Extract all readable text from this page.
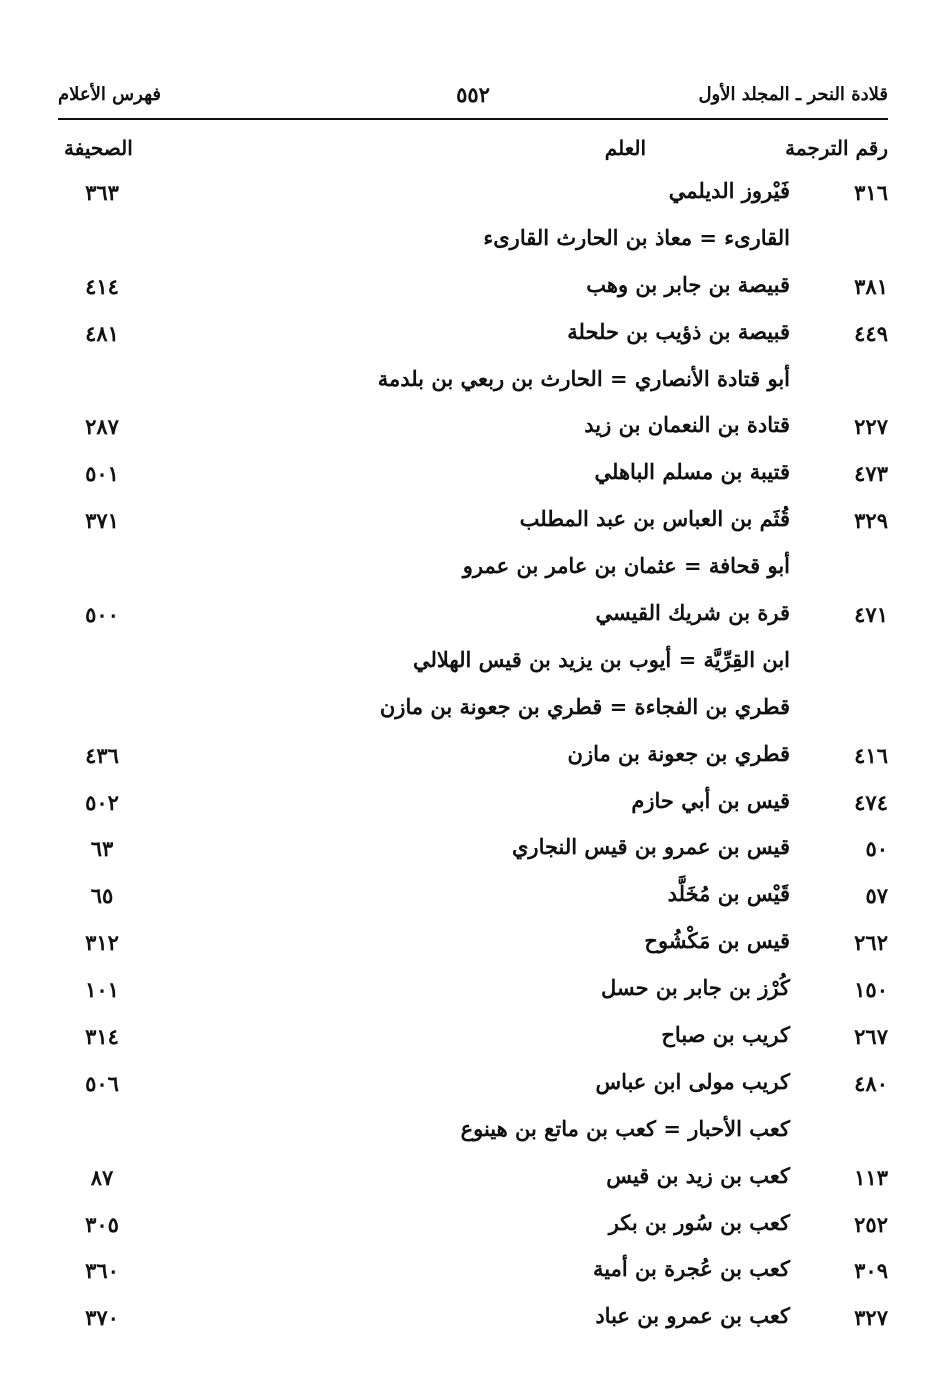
قلادة النحر ـ المجلد الأول
٥٥٢
فهرس الأعلام
رقم الترجمة
العلم
الصحيفة
٣١٦
فَيْروز الديلمي
٣٦٣
القارىء = معاذ بن الحارث القارىء
٣٨١
قبيصة بن جابر بن وهب
٤١٤
٤٤٩
قبيصة بن ذؤيب بن حلحلة
٤٨١
أبو قتادة الأنصاري = الحارث بن ربعي بن بلدمة
٢٢٧
قتادة بن النعمان بن زيد
٢٨٧
٤٧٣
قتيبة بن مسلم الباهلي
٥٠١
٣٢٩
قُثَم بن العباس بن عبد المطلب
٣٧١
أبو قحافة = عثمان بن عامر بن عمرو
٤٧١
قرة بن شريك القيسي
٥٠٠
ابن القِرِّيَّة = أيوب بن يزيد بن قيس الهلالي
قطري بن الفجاءة = قطري بن جعونة بن مازن
٤١٦
قطري بن جعونة بن مازن
٤٣٦
٤٧٤
قيس بن أبي حازم
٥٠٢
٥٠
قيس بن عمرو بن قيس النجاري
٦٣
٥٧
قَيْس بن مُخَلَّد
٦٥
٢٦٢
قيس بن مَكْشُوح
٣١٢
١٥٠
كُرْز بن جابر بن حسل
١٠١
٢٦٧
كريب بن صباح
٣١٤
٤٨٠
كريب مولى ابن عباس
٥٠٦
كعب الأحبار = كعب بن ماتع بن هينوع
١١٣
كعب بن زيد بن قيس
٨٧
٢٥٢
كعب بن سُور بن بكر
٣٠٥
٣٠٩
كعب بن عُجرة بن أمية
٣٦٠
٣٢٧
كعب بن عمرو بن عباد
٣٧٠
